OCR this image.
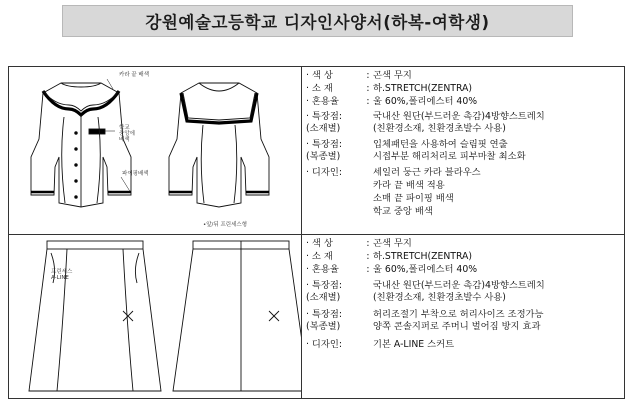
강원예술고등학교 디자인사양서(하복-여학생)
카라 끝 배색
학교
중앙에
배색
파이핑배색
•앞/뒤 프린세스형
· 색 상	: 곤색 무지
· 소 재	: 하.STRETCH(ZENTRA)
· 혼용율	: 울 60%,폴리에스터 40%
· 특장점:	국내산 원단(부드러운 촉감)4방향스트레치
(소재별)	(친환경소재, 친환경초발수 사용)
· 특장점:	입체패턴을 사용하여 슬림핏 연출
(복종별)	시접부분 해리처리로 피부마찰 최소화
· 디자인:	세일러 둥근 카라 블라우스
카라 끝 배색 적용
소매 끝 파이핑 배색
학교 중앙 배색
프린세스
A-LINE
· 색 상	: 곤색 무지
· 소 재	: 하.STRETCH(ZENTRA)
· 혼용율	: 울 60%,폴리에스터 40%
· 특장점:	국내산 원단(부드러운 촉감)4방향스트레치
(소재별)	(친환경소재, 친환경초발수 사용)
· 특장점:	허리조절기 부착으로 허리사이즈 조정가능
(복종별)	양쪽 콘솔지퍼로 주머니 벌어짐 방지 효과
· 디자인:	기본 A-LINE 스커트
